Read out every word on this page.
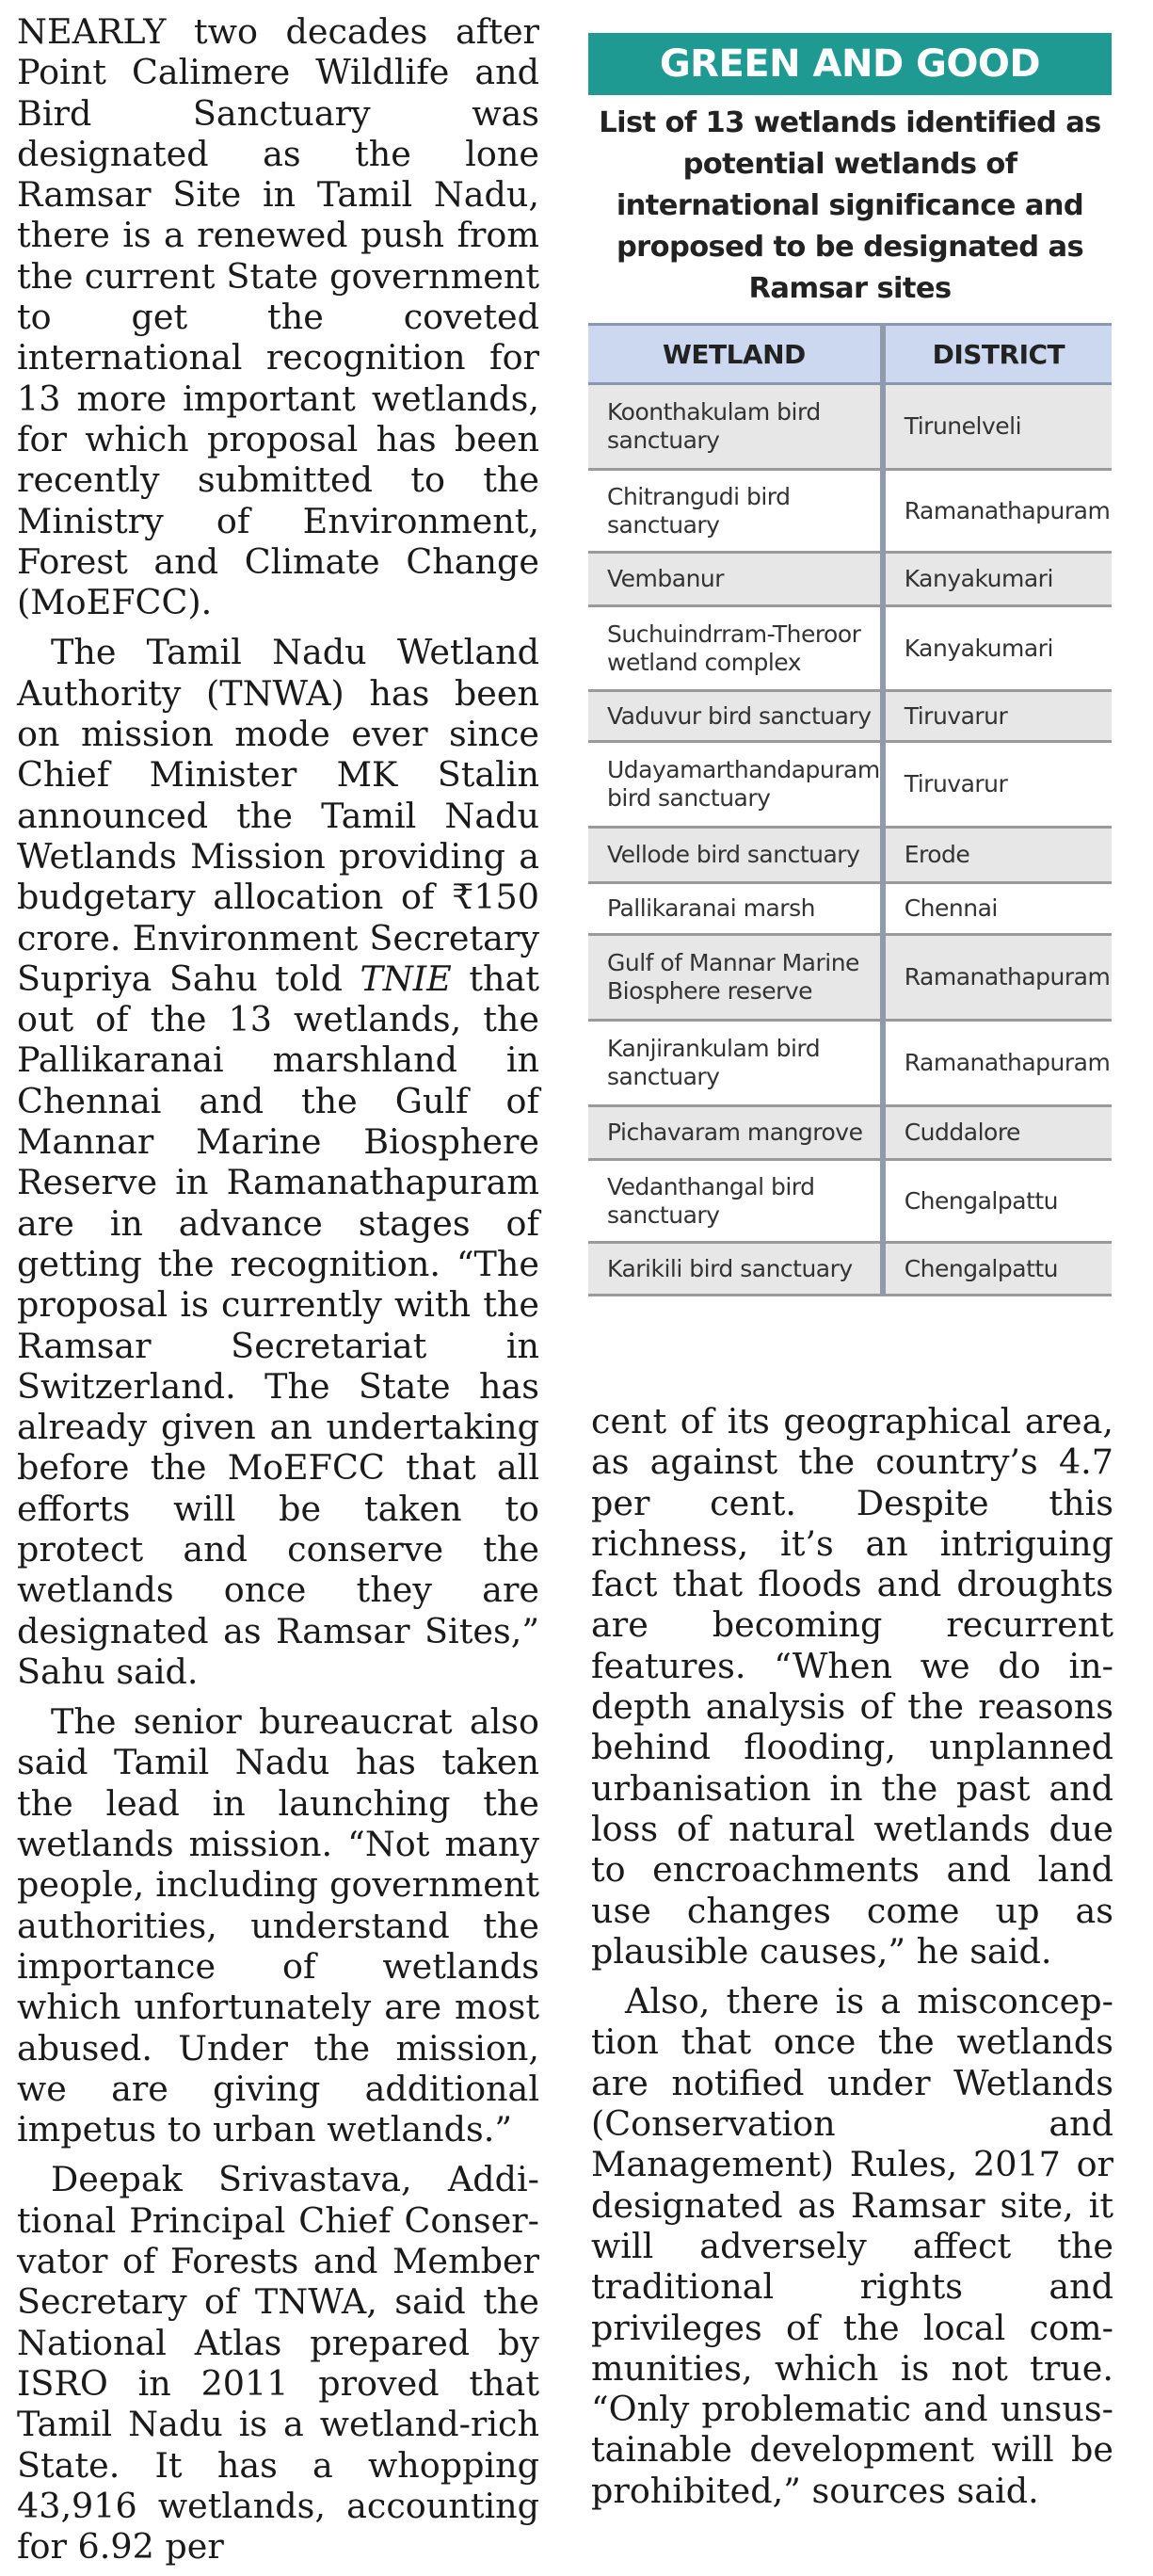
NEARLY two decades after Point Calimere Wildlife and Bird Sanctuary was designated as the lone Ramsar Site in Tamil Nadu, there is a renewed push from the current State government to get the coveted international recognition for 13 more important wetlands, for which proposal has been recently submitted to the Ministry of Environment, Forest and Climate Change (MoEFCC).

The Tamil Nadu Wetland Authority (TNWA) has been on mission mode ever since Chief Minister MK Stalin announced the Tamil Nadu Wetlands Mission providing a budgetary allocation of ₹150 crore. Environment Secretary Supriya Sahu told TNIE that out of the 13 wetlands, the Pallikaranai marshland in Chennai and the Gulf of Mannar Marine Biosphere Reserve in Ramanathapuram are in advance stages of getting the recognition. “The proposal is currently with the Ramsar Secretariat in Switzerland. The State has already given an undertaking before the MoEFCC that all efforts will be taken to protect and conserve the wetlands once they are designated as Ramsar Sites,” Sahu said.

The senior bureaucrat also said Tamil Nadu has taken the lead in launching the wetlands mission. “Not many people, including government authorities, understand the importance of wetlands which unfortunately are most abused. Under the mission, we are giving additional impetus to urban wetlands.”

Deepak Srivastava, Additional Principal Chief Conservator of Forests and Member Secretary of TNWA, said the National Atlas prepared by ISRO in 2011 proved that Tamil Nadu is a wetland-rich State. It has a whopping 43,916 wetlands, accounting for 6.92 per

GREEN AND GOOD

List of 13 wetlands identified as potential wetlands of international significance and proposed to be designated as Ramsar sites

WETLAND	DISTRICT
Koonthakulam bird sanctuary	Tirunelveli
Chitrangudi bird sanctuary	Ramanathapuram
Vembanur	Kanyakumari
Suchuindrram-Theroor wetland complex	Kanyakumari
Vaduvur bird sanctuary	Tiruvarur
Udayamarthandapuram bird sanctuary	Tiruvarur
Vellode bird sanctuary	Erode
Pallikaranai marsh	Chennai
Gulf of Mannar Marine Biosphere reserve	Ramanathapuram
Kanjirankulam bird sanctuary	Ramanathapuram
Pichavaram mangrove	Cuddalore
Vedanthangal bird sanctuary	Chengalpattu
Karikili bird sanctuary	Chengalpattu

cent of its geographical area, as against the country’s 4.7 per cent. Despite this richness, it’s an intriguing fact that floods and droughts are becoming recurrent features. “When we do in-depth analysis of the reasons behind flooding, unplanned urbanisation in the past and loss of natural wetlands due to encroachments and land use changes come up as plausible causes,” he said.

Also, there is a misconception that once the wetlands are notified under Wetlands (Conservation and Management) Rules, 2017 or designated as Ramsar site, it will adversely affect the traditional rights and privileges of the local communities, which is not true. “Only problematic and unsustainable development will be prohibited,” sources said.
